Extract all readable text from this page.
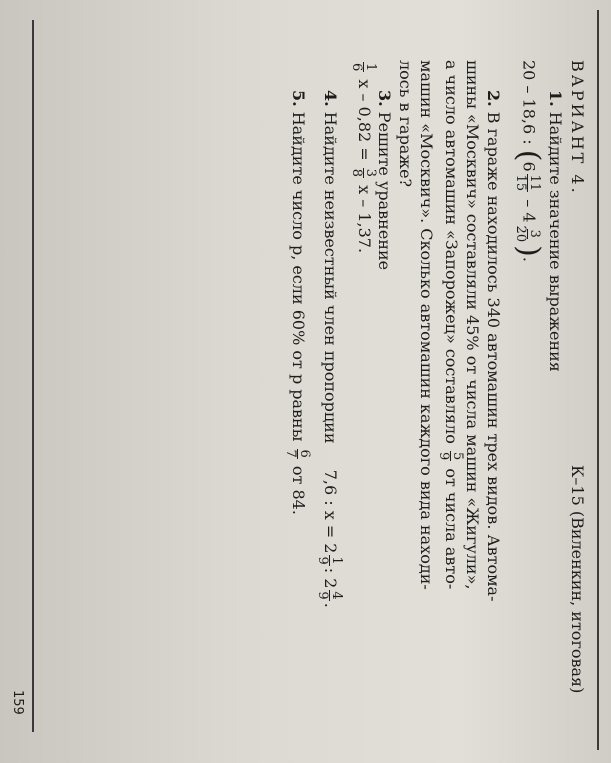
ВАРИАНТ 4.
К–15 (Виленкин, итоговая)
1. Найдите значение выражения
20 – 18,6 : (6
11
15
– 4
3
20
).
2. В гараже находилось 340 автомашин трех видов. Автома-
шины «Москвич» составляли 45% от числа машин «Жигули»,
а число автомашин «Запорожец» составляло
5
9
от числа авто-
машин «Москвич». Сколько автомашин каждого вида находи-
лось в гараже?
3. Решите уравнение
1
6
x – 0,82 =
3
8
x – 1,37.
4. Найдите неизвестный член пропорции  7,6 : x = 2
1
9
: 2
4
9
.
5. Найдите число p, если 60% от p равны
6
7
от 84.
159
